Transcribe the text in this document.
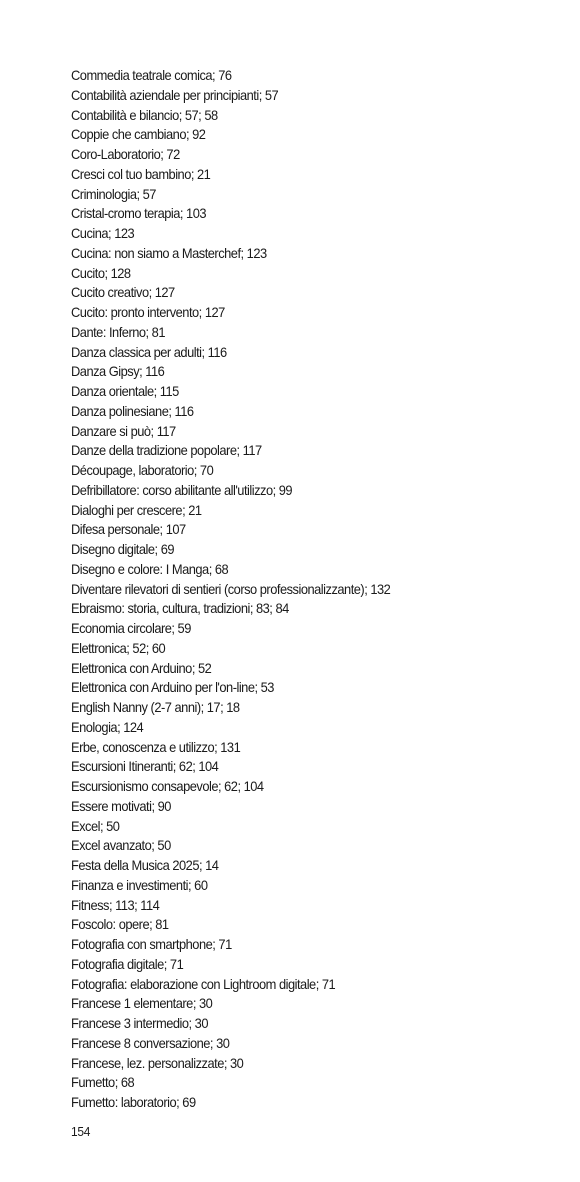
Commedia teatrale comica; 76
Contabilità aziendale per principianti; 57
Contabilità e bilancio; 57; 58
Coppie che cambiano; 92
Coro-Laboratorio; 72
Cresci col tuo bambino; 21
Criminologia; 57
Cristal-cromo terapia; 103
Cucina; 123
Cucina: non siamo a Masterchef; 123
Cucito; 128
Cucito creativo; 127
Cucito: pronto intervento; 127
Dante: Inferno; 81
Danza classica per adulti; 116
Danza Gipsy; 116
Danza orientale; 115
Danza polinesiane; 116
Danzare si può; 117
Danze della tradizione popolare; 117
Découpage, laboratorio; 70
Defribillatore: corso abilitante all'utilizzo; 99
Dialoghi per crescere; 21
Difesa personale; 107
Disegno digitale; 69
Disegno e colore: I Manga; 68
Diventare rilevatori di sentieri (corso professionalizzante); 132
Ebraismo: storia, cultura, tradizioni; 83; 84
Economia circolare; 59
Elettronica; 52; 60
Elettronica con Arduino; 52
Elettronica con Arduino per l'on-line; 53
English Nanny (2-7 anni); 17; 18
Enologia; 124
Erbe, conoscenza e utilizzo; 131
Escursioni Itineranti; 62; 104
Escursionismo consapevole; 62; 104
Essere motivati; 90
Excel; 50
Excel avanzato; 50
Festa della Musica 2025; 14
Finanza e investimenti; 60
Fitness; 113; 114
Foscolo: opere; 81
Fotografia con smartphone; 71
Fotografia digitale; 71
Fotografia: elaborazione con Lightroom digitale; 71
Francese 1 elementare; 30
Francese 3 intermedio; 30
Francese 8 conversazione; 30
Francese, lez. personalizzate; 30
Fumetto; 68
Fumetto: laboratorio; 69
154
